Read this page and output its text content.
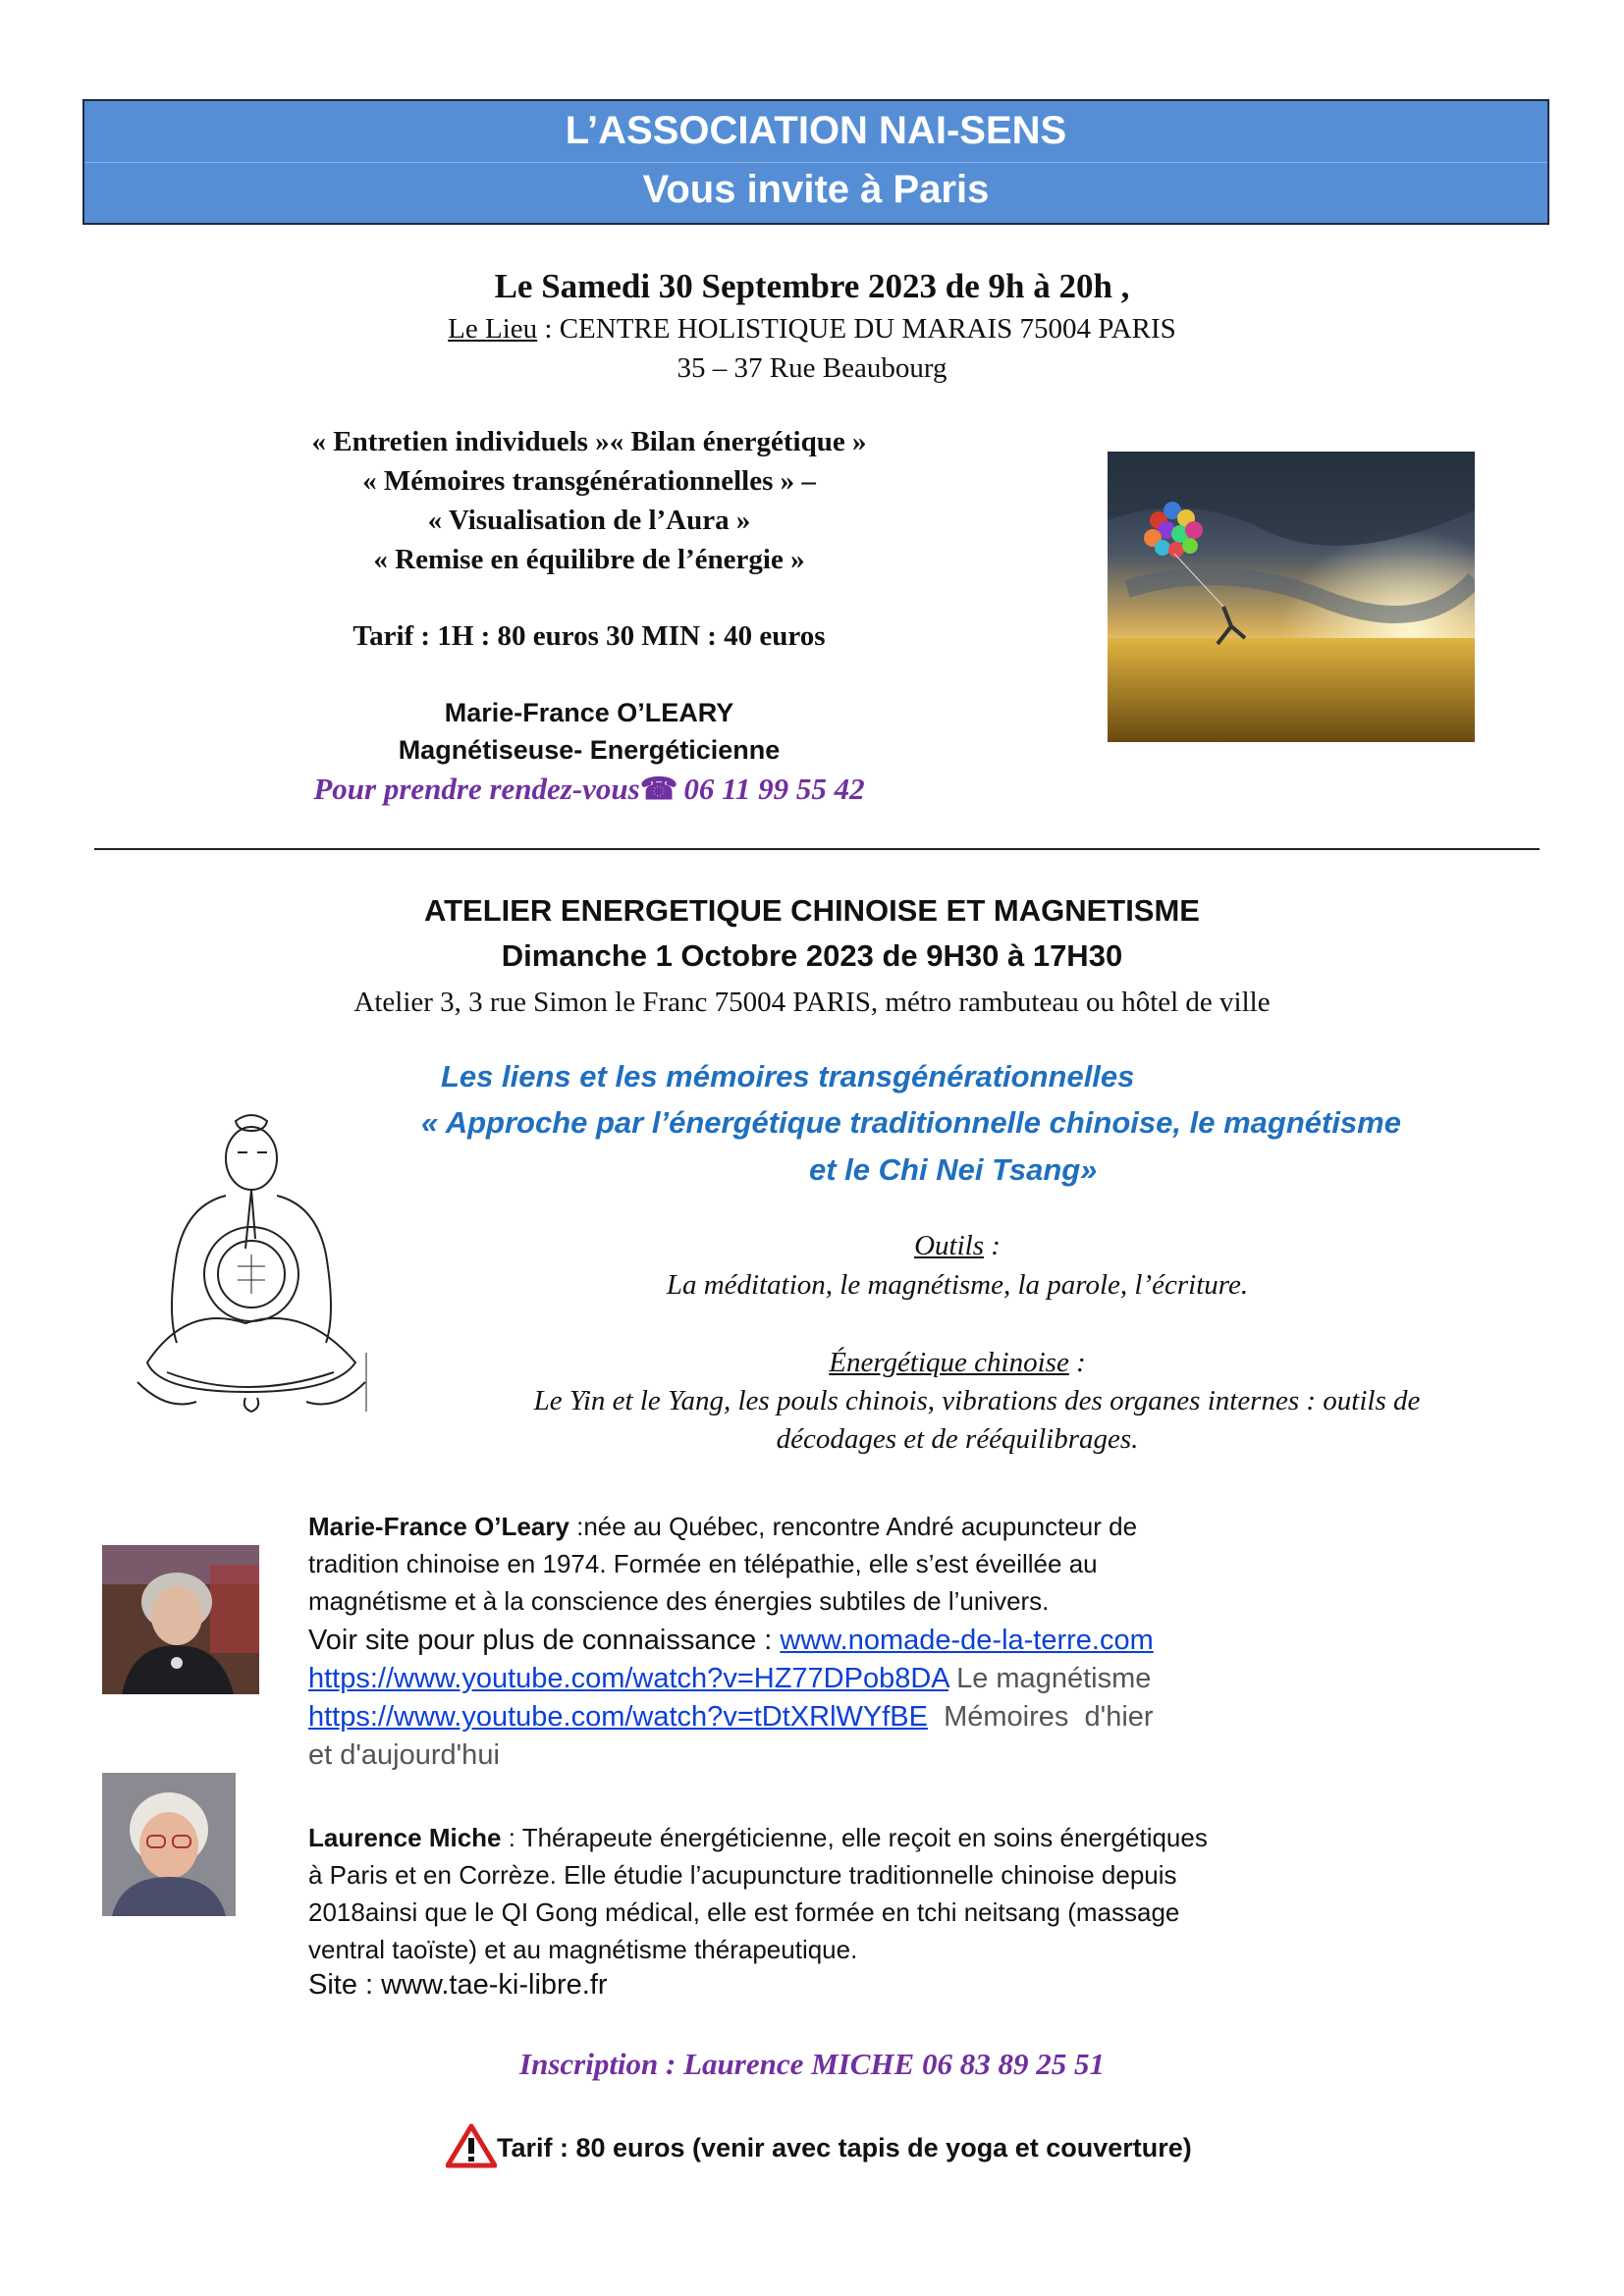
L’ASSOCIATION NAI-SENS
Vous invite à Paris
Le Samedi 30 Septembre 2023 de 9h à 20h ,
Le Lieu : CENTRE HOLISTIQUE DU MARAIS 75004 PARIS
35 – 37 Rue Beaubourg
« Entretien individuels »« Bilan énergétique »
« Mémoires transgénérationnelles » –
« Visualisation de l’Aura »
« Remise en équilibre de l’énergie »
Tarif : 1H : 80 euros 30 MIN : 40 euros
Marie-France O’LEARY
Magnétiseuse- Energéticienne
Pour prendre rendez-vous☎ 06 11 99 55 42
ATELIER ENERGETIQUE CHINOISE ET MAGNETISME
Dimanche 1 Octobre 2023 de 9H30 à 17H30
Atelier 3, 3 rue Simon le Franc 75004 PARIS, métro rambuteau ou hôtel de ville
Les liens et les mémoires transgénérationnelles
« Approche par l’énergétique traditionnelle chinoise, le magnétisme
et le Chi Nei Tsang»
Outils :
La méditation, le magnétisme, la parole, l’écriture.
Énergétique chinoise :
Le Yin et le Yang, les pouls chinois, vibrations des organes internes : outils de
décodages et de rééquilibrages.
Marie-France O’Leary :née au Québec, rencontre André acupuncteur de
tradition chinoise en 1974. Formée en télépathie, elle s’est éveillée au
magnétisme et à la conscience des énergies subtiles de l’univers.
Voir site pour plus de connaissance : www.nomade-de-la-terre.com
https://www.youtube.com/watch?v=HZ77DPob8DA Le magnétisme
https://www.youtube.com/watch?v=tDtXRlWYfBE  Mémoires  d'hier
et d'aujourd'hui
Laurence Miche : Thérapeute énergéticienne, elle reçoit en soins énergétiques
à Paris et en Corrèze. Elle étudie l’acupuncture traditionnelle chinoise depuis
2018ainsi que le QI Gong médical, elle est formée en tchi neitsang (massage
ventral taoïste) et au magnétisme thérapeutique.
Site : www.tae-ki-libre.fr
Inscription : Laurence MICHE 06 83 89 25 51
Tarif : 80 euros (venir avec tapis de yoga et couverture)
